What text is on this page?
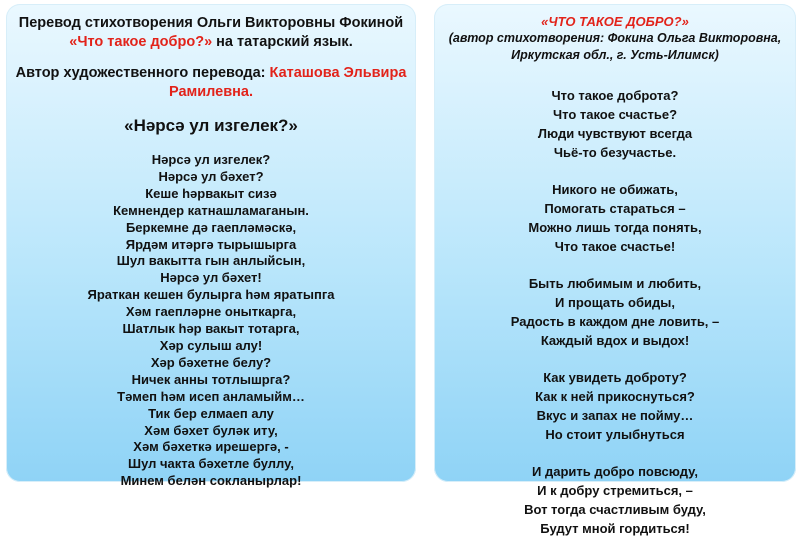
Перевод стихотворения Ольги Викторовны Фокиной
«Что такое добро?» на татарский язык.
Автор художественного перевода: Каташова Эльвира Рамилевна.
«Нәрсә ул изгелек?»
Нәрсә ул изгелек?
Нәрсә ул бәхет?
Кеше һәрвакыт сизә
Кемнендер катнашламаганын.
Беркемне дә гаепләмәскә,
Ярдәм итәргә тырышырга
Шул вакытта гын анлыйсын,
Нәрсә ул бәхет!
Яраткан кешен булырга һәм яратыпга
Хәм гаепләрне оныткарга,
Шатлык һәр вакыт тотарга,
Хәр сулыш алу!
Хәр бәхетне белу?
Ничек анны тотлышрга?
Тәмеп һәм исеп анламыйм…
Тик бер елмаеп алу
Хәм бәхет буләк иту,
Хәм бәхеткә ирешергә, -
Шул чакта бәхетле буллу,
Минем белән сокланырлар!
«ЧТО ТАКОЕ ДОБРО?»
(автор стихотворения: Фокина Ольга Викторовна,
Иркутская обл., г. Усть-Илимск)
Что такое доброта?
Что такое счастье?
Люди чувствуют всегда
Чьё-то безучастье.
Никого не обижать,
Помогать стараться –
Можно лишь тогда понять,
Что такое счастье!
Быть любимым и любить,
И прощать обиды,
Радость в каждом дне ловить, –
Каждый вдох и выдох!
Как увидеть доброту?
Как к ней прикоснуться?
Вкус и запах не пойму…
Но стоит улыбнуться
И дарить добро повсюду,
И к добру стремиться, –
Вот тогда счастливым буду,
Будут мной гордиться!
